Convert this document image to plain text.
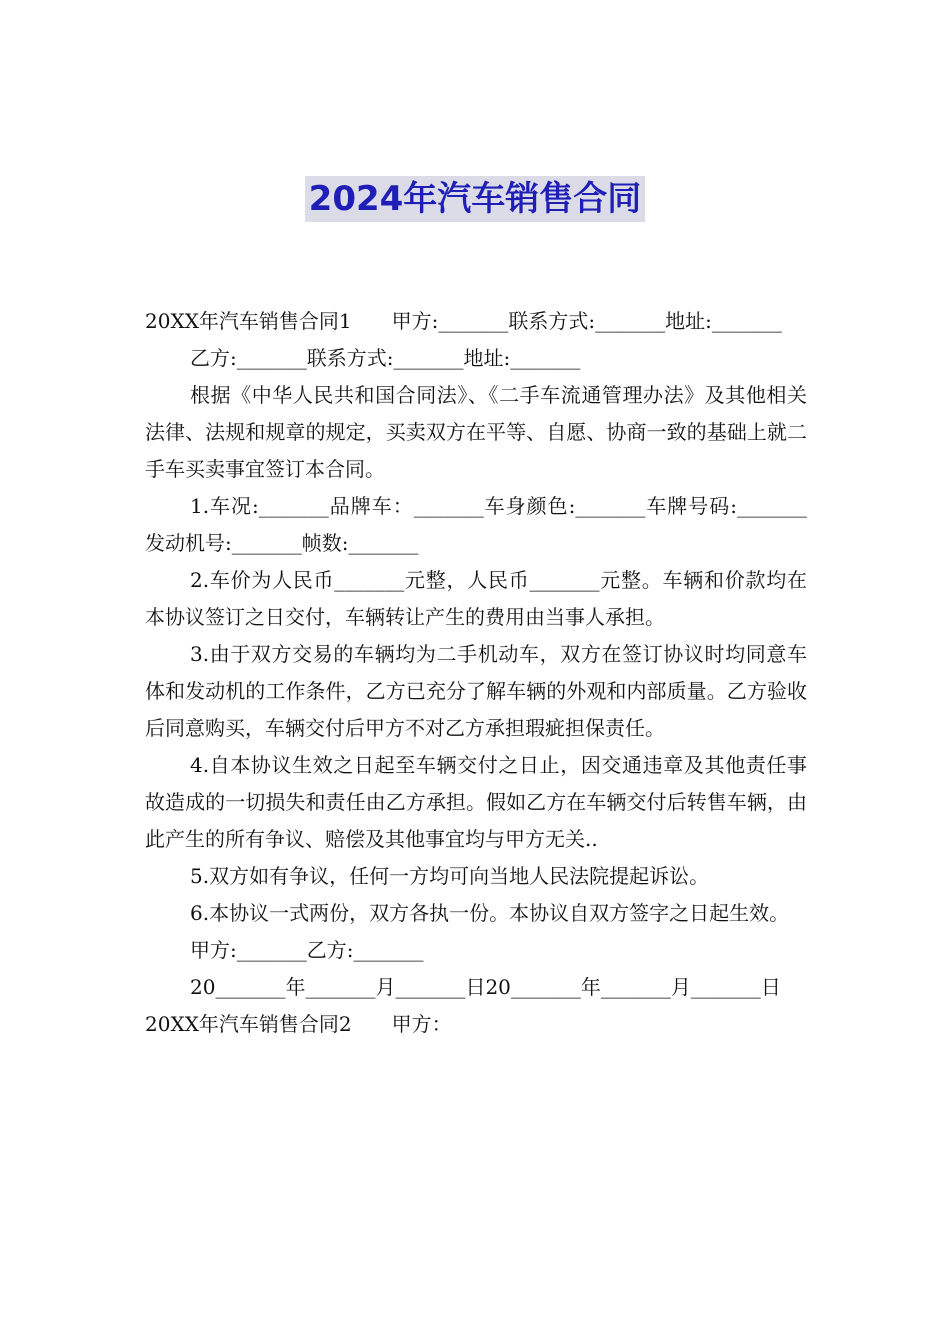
2024年汽车销售合同

20XX年汽车销售合同1　　甲方:_______联系方式:_______地址:_______

乙方:_______联系方式:_______地址:_______

根据《中华人民共和国合同法》、《二手车流通管理办法》及其他相关法律、法规和规章的规定，买卖双方在平等、自愿、协商一致的基础上就二手车买卖事宜签订本合同。

1.车况:_______品牌车：_______车身颜色:_______车牌号码:_______发动机号:_______帧数:_______

2.车价为人民币_______元整，人民币_______元整。车辆和价款均在本协议签订之日交付，车辆转让产生的费用由当事人承担。

3.由于双方交易的车辆均为二手机动车，双方在签订协议时均同意车体和发动机的工作条件，乙方已充分了解车辆的外观和内部质量。乙方验收后同意购买，车辆交付后甲方不对乙方承担瑕疵担保责任。

4.自本协议生效之日起至车辆交付之日止，因交通违章及其他责任事故造成的一切损失和责任由乙方承担。假如乙方在车辆交付后转售车辆，由此产生的所有争议、赔偿及其他事宜均与甲方无关..

5.双方如有争议，任何一方均可向当地人民法院提起诉讼。

6.本协议一式两份，双方各执一份。本协议自双方签字之日起生效。

甲方:_______乙方:_______

20_______年_______月_______日20_______年_______月_______日

20XX年汽车销售合同2　　甲方：
